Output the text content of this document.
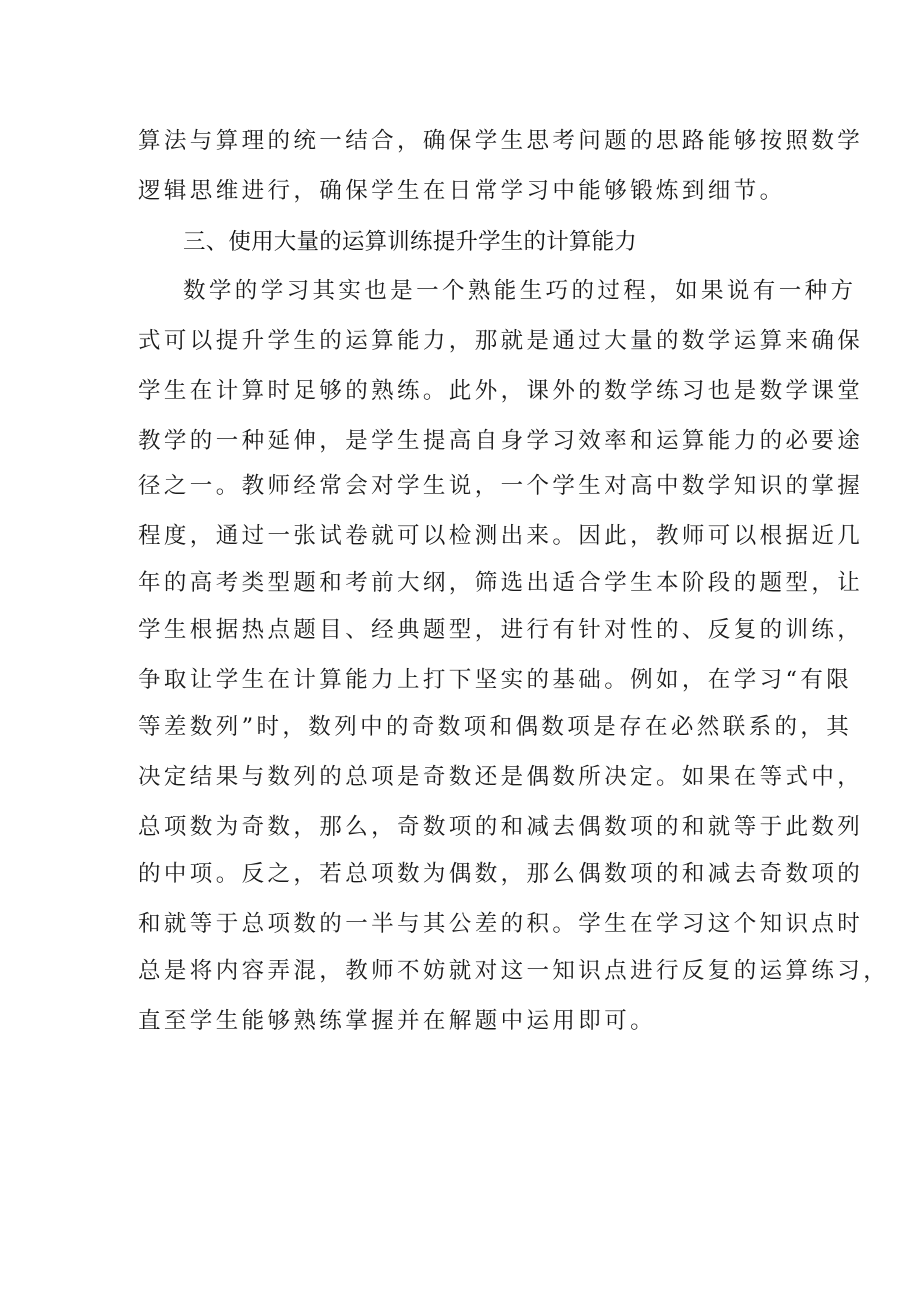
算法与算理的统一结合，确保学生思考问题的思路能够按照数学
逻辑思维进行，确保学生在日常学习中能够锻炼到细节。
三、使用大量的运算训练提升学生的计算能力
数学的学习其实也是一个熟能生巧的过程，如果说有一种方
式可以提升学生的运算能力，那就是通过大量的数学运算来确保
学生在计算时足够的熟练。此外，课外的数学练习也是数学课堂
教学的一种延伸，是学生提高自身学习效率和运算能力的必要途
径之一。教师经常会对学生说，一个学生对高中数学知识的掌握
程度，通过一张试卷就可以检测出来。因此，教师可以根据近几
年的高考类型题和考前大纲，筛选出适合学生本阶段的题型，让
学生根据热点题目、经典题型，进行有针对性的、反复的训练，
争取让学生在计算能力上打下坚实的基础。例如，在学习“有限
等差数列”时，数列中的奇数项和偶数项是存在必然联系的，其
决定结果与数列的总项是奇数还是偶数所决定。如果在等式中，
总项数为奇数，那么，奇数项的和减去偶数项的和就等于此数列
的中项。反之，若总项数为偶数，那么偶数项的和减去奇数项的
和就等于总项数的一半与其公差的积。学生在学习这个知识点时
总是将内容弄混，教师不妨就对这一知识点进行反复的运算练习，
直至学生能够熟练掌握并在解题中运用即可。
